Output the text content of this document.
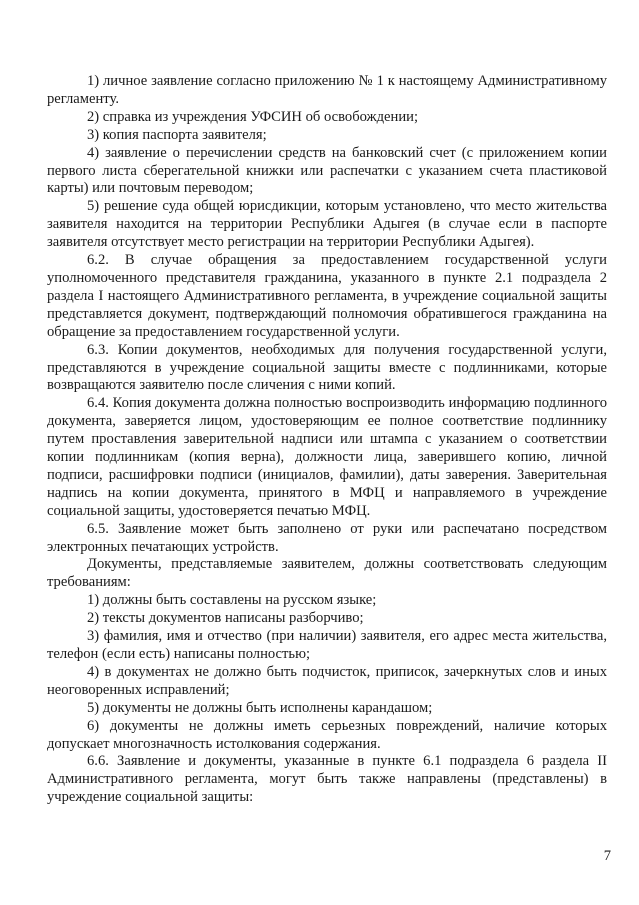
1) личное заявление согласно приложению № 1 к настоящему Административному регламенту.

2) справка из учреждения УФСИН об освобождении;

3) копия паспорта заявителя;

4) заявление о перечислении средств на банковский счет (с приложением копии первого листа сберегательной книжки или распечатки с указанием счета пластиковой карты) или почтовым переводом;

5) решение суда общей юрисдикции, которым установлено, что место жительства заявителя находится на территории Республики Адыгея (в случае если в паспорте заявителя отсутствует место регистрации на территории Республики Адыгея).

6.2. В случае обращения за предоставлением государственной услуги уполномоченного представителя гражданина, указанного в пункте 2.1 подраздела 2 раздела I настоящего Административного регламента, в учреждение социальной защиты представляется документ, подтверждающий полномочия обратившегося гражданина на обращение за предоставлением государственной услуги.

6.3. Копии документов, необходимых для получения государственной услуги, представляются в учреждение социальной защиты вместе с подлинниками, которые возвращаются заявителю после сличения с ними копий.

6.4. Копия документа должна полностью воспроизводить информацию подлинного документа, заверяется лицом, удостоверяющим ее полное соответствие подлиннику путем проставления заверительной надписи или штампа с указанием о соответствии копии подлинникам (копия верна), должности лица, заверившего копию, личной подписи, расшифровки подписи (инициалов, фамилии), даты заверения. Заверительная надпись на копии документа, принятого в МФЦ и направляемого в учреждение социальной защиты, удостоверяется печатью МФЦ.

6.5. Заявление может быть заполнено от руки или распечатано посредством электронных печатающих устройств.

Документы, представляемые заявителем, должны соответствовать следующим требованиям:

1) должны быть составлены на русском языке;

2) тексты документов написаны разборчиво;

3) фамилия, имя и отчество (при наличии) заявителя, его адрес места жительства, телефон (если есть) написаны полностью;

4) в документах не должно быть подчисток, приписок, зачеркнутых слов и иных неоговоренных исправлений;

5) документы не должны быть исполнены карандашом;

6) документы не должны иметь серьезных повреждений, наличие которых допускает многозначность истолкования содержания.

6.6. Заявление и документы, указанные в пункте 6.1 подраздела 6 раздела II Административного регламента, могут быть также направлены (представлены) в учреждение социальной защиты:

7
